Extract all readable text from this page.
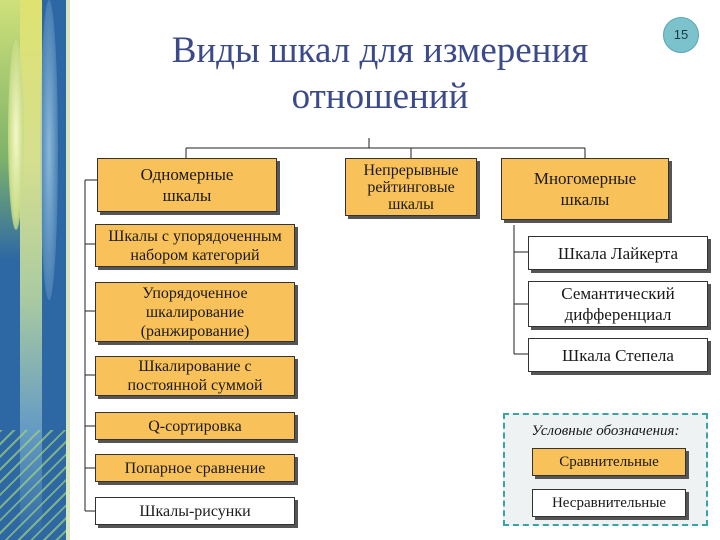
Виды шкал для измерения отношений
15
Одномерные шкалы
Непрерывные рейтинговые шкалы
Многомерные шкалы
Шкалы с упорядоченным набором категорий
Упорядоченное шкалирование (ранжирование)
Шкалирование с постоянной суммой
Q-сортировка
Попарное сравнение
Шкалы-рисунки
Шкала Лайкерта
Семантический дифференциал
Шкала Степела
Условные обозначения:
Сравнительные
Несравнительные
